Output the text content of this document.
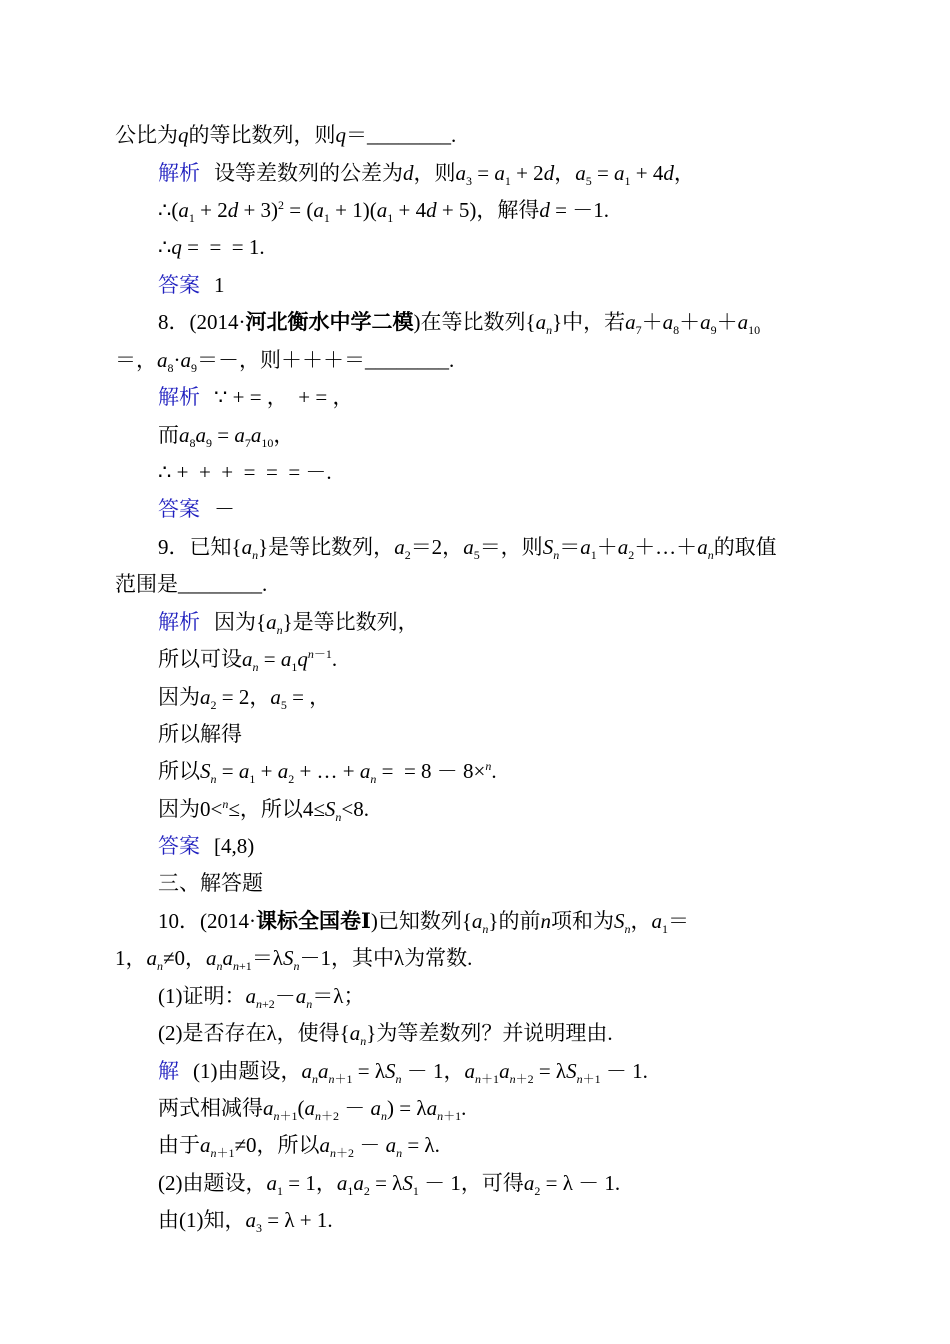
公比为q的等比数列，则q＝________.
解析 设等差数列的公差为d，则$a_3 = a_1 + 2d$，$a_5 = a_1 + 4d$，
$\therefore(a_1 + 2d + 3)^2 = (a_1 + 1)(a_1 + 4d + 5)$，解得d = －1.
∴q =  =  = 1.
答案 1
8．(2014·河北衡水中学二模)在等比数列$\{a_n\}$中，若$a_7+a_8+a_9+a_{10}$
＝，$a_8\cdot a_9=-$，则＋＋＋＝________.
解析 ∵ + = ，  + = ，
而$a_8a_9 = a_7a_{10}$，
∴ +  +  +  =  =  = －.
答案 －
9．已知$\{a_n\}$是等比数列，$a_2=2$，$a_5=$，则$S_n=a_1+a_2+\dots+a_n$的取值
范围是________.
解析 因为$\{a_n\}$是等比数列，
所以可设$a_n = a_1q^{n-1}$.
因为$a_2 = 2$，$a_5$ = ，
所以解得
所以$S_n = a_1 + a_2$ + … + $a_n$ =  = 8 － 8×$^n$.
因为0<$^n$≤，所以$4\le S_n<8$.
答案 [4,8)
三、解答题
10．(2014·课标全国卷Ⅰ)已知数列$\{a_n\}$的前n项和为$S_n$，$a_1=$
1，$a_n\ne 0$，$a_na_{n+1}=\lambda S_n-1$，其中λ为常数.
(1)证明：$a_{n+2}-a_n=\lambda$；
(2)是否存在λ，使得$\{a_n\}$为等差数列？并说明理由.
解 (1)由题设，$a_na_{n+1} = \lambda S_n - 1$，$a_{n+1}a_{n+2} = \lambda S_{n+1} - 1$.
两式相减得$a_{n+1}(a_{n+2} - a_n) = \lambda a_{n+1}$.
由于$a_{n+1}\ne 0$，所以$a_{n+2} - a_n = \lambda$.
(2)由题设，$a_1 = 1$，$a_1a_2 = \lambda S_1 - 1$，可得$a_2 = \lambda - 1$.
由(1)知，$a_3 = \lambda + 1$.
